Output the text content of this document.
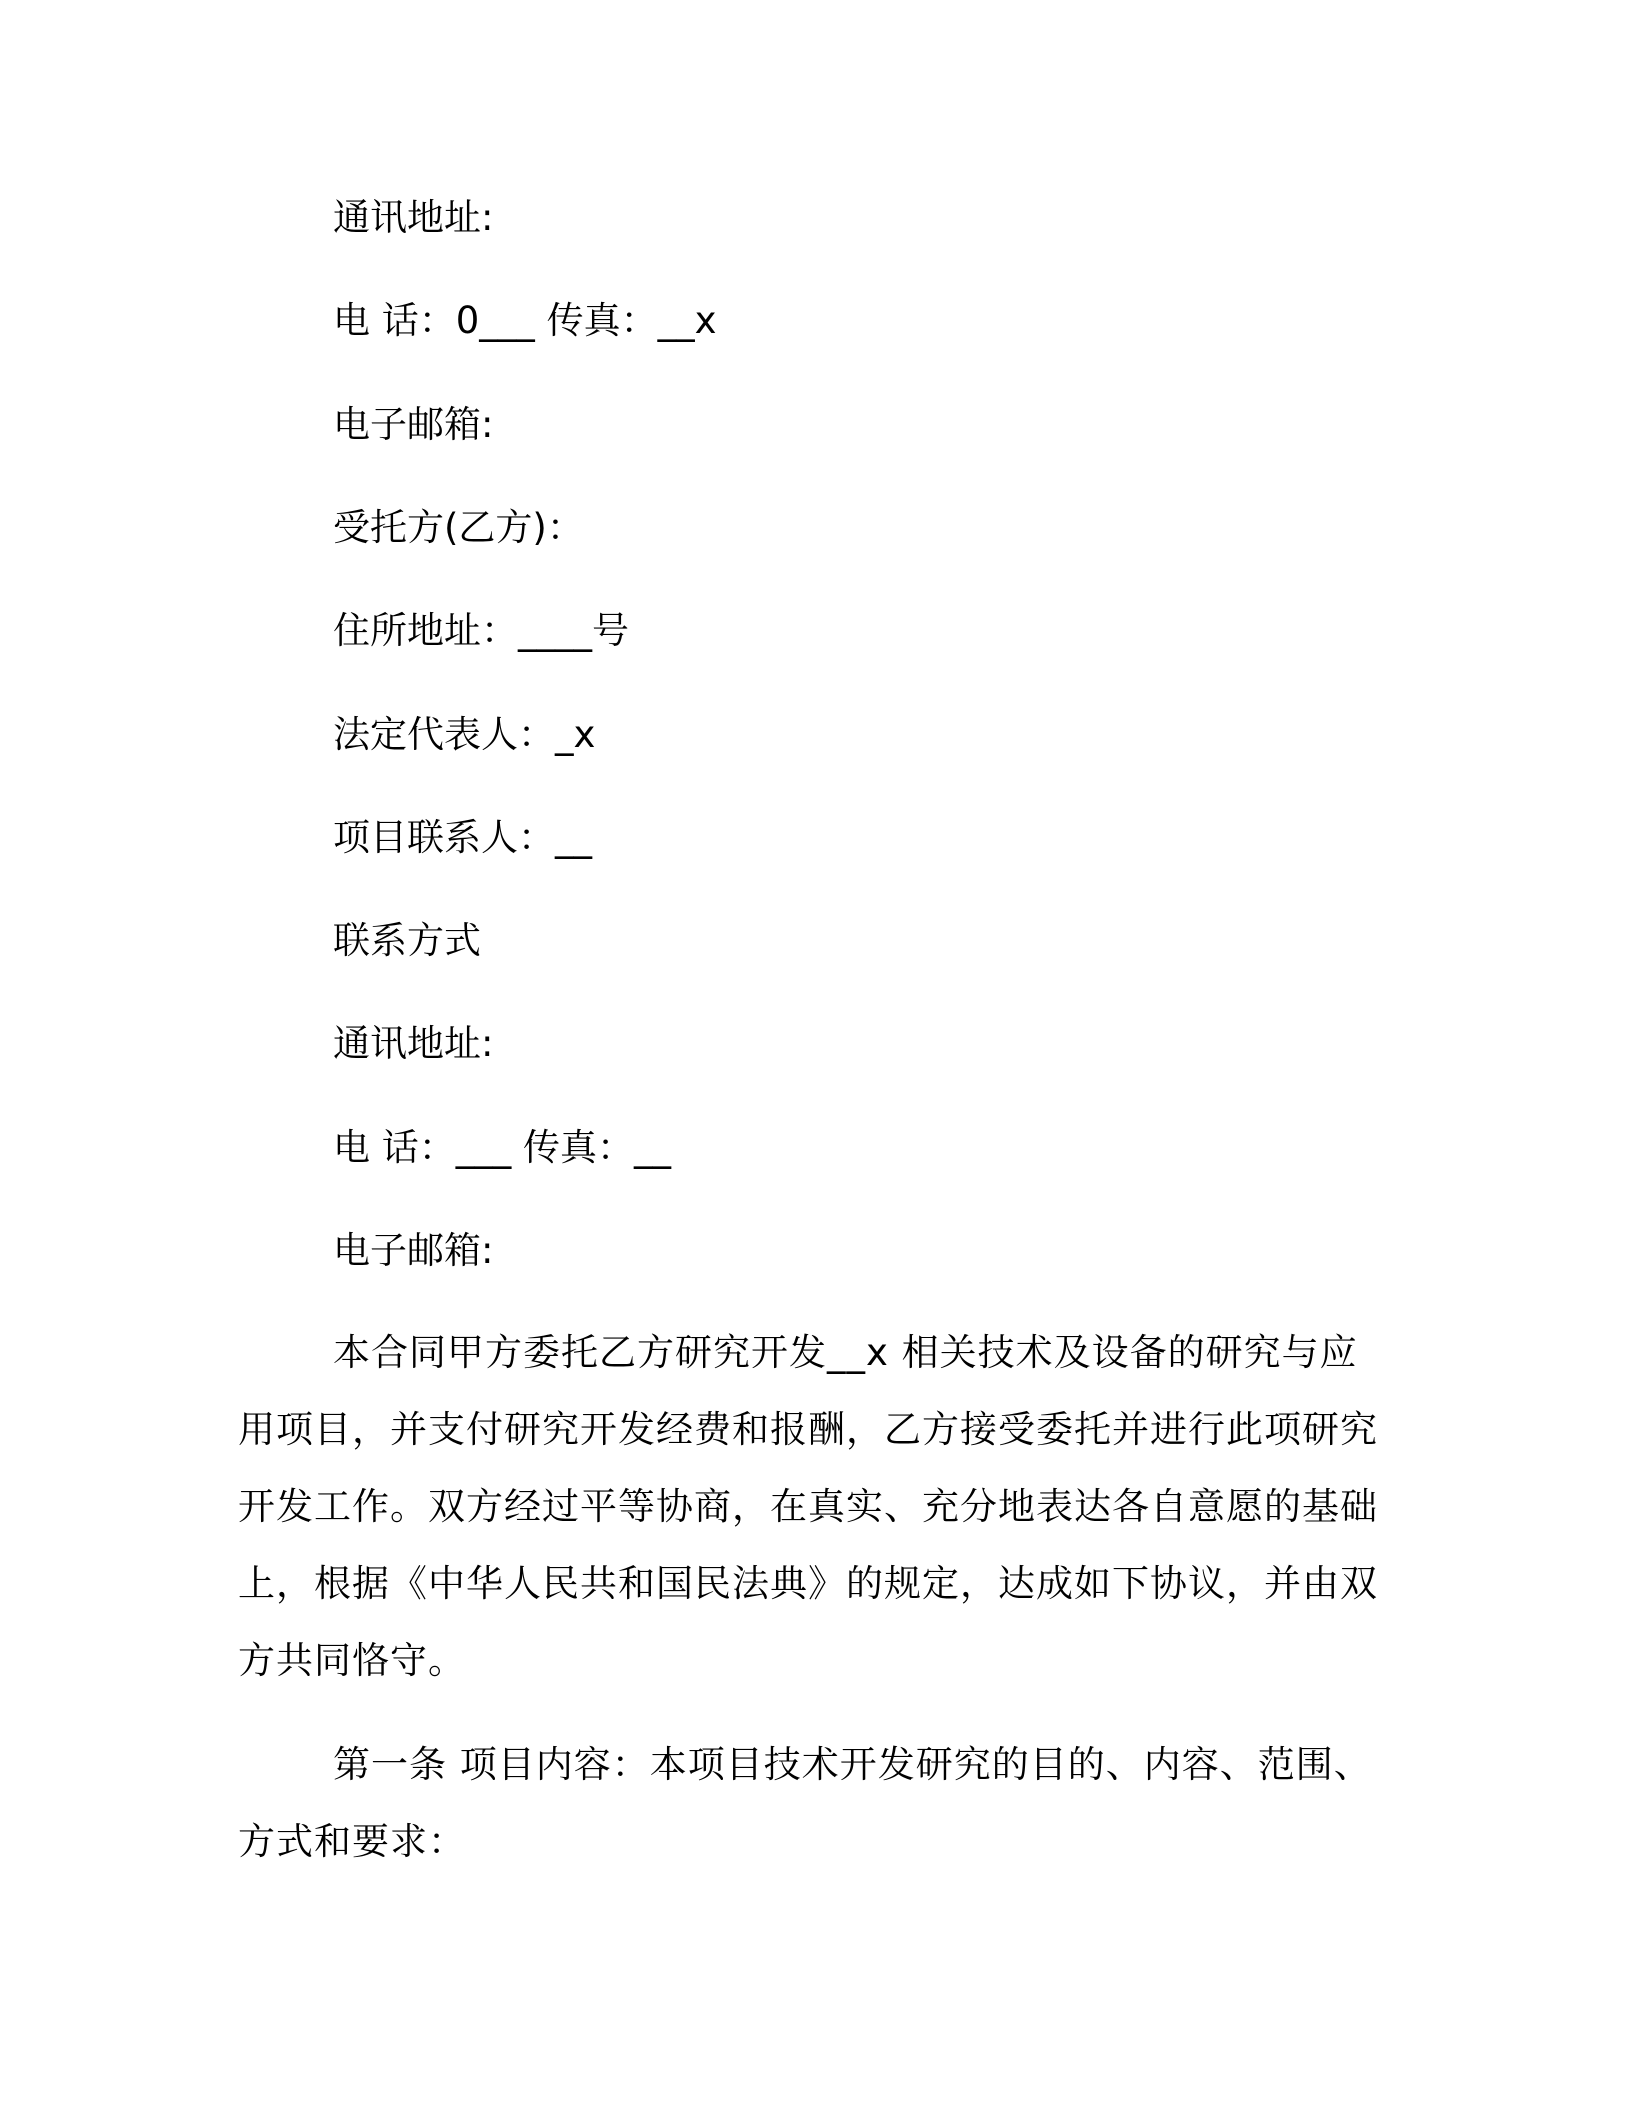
通讯地址:
电 话：0___ 传真：__x
电子邮箱:
受托方(乙方)：
住所地址：____号
法定代表人：_x
项目联系人：__
联系方式
通讯地址:
电 话：___ 传真：__
电子邮箱:
本合同甲方委托乙方研究开发__x 相关技术及设备的研究与应用项目，并支付研究开发经费和报酬，乙方接受委托并进行此项研究开发工作。双方经过平等协商，在真实、充分地表达各自意愿的基础上，根据《中华人民共和国民法典》的规定，达成如下协议，并由双方共同恪守。
第一条 项目内容：本项目技术开发研究的目的、内容、范围、方式和要求：
